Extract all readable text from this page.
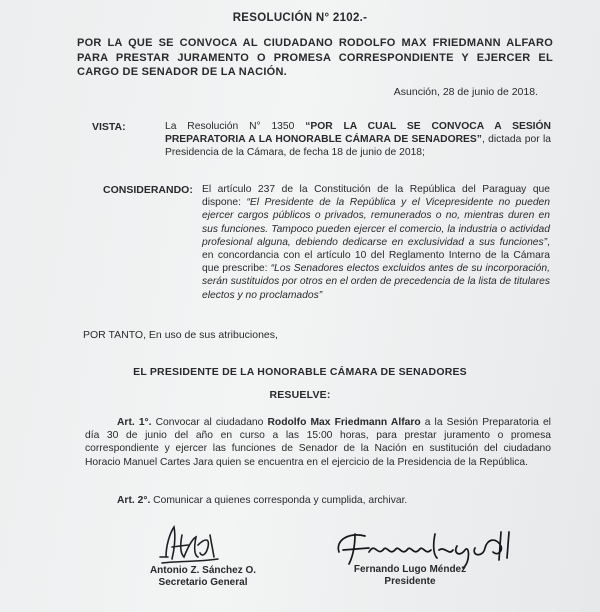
RESOLUCIÓN N° 2102.-
POR LA QUE SE CONVOCA AL CIUDADANO RODOLFO MAX FRIEDMANN ALFARO PARA PRESTAR JURAMENTO O PROMESA CORRESPONDIENTE Y EJERCER EL CARGO DE SENADOR DE LA NACIÓN.
Asunción, 28 de junio de 2018.
VISTA:	La Resolución N° 1350 “POR LA CUAL SE CONVOCA A SESIÓN PREPARATORIA A LA HONORABLE CÁMARA DE SENADORES”, dictada por la Presidencia de la Cámara, de fecha 18 de junio de 2018;
CONSIDERANDO: El artículo 237 de la Constitución de la República del Paraguay que dispone: “El Presidente de la República y el Vicepresidente no pueden ejercer cargos públicos o privados, remunerados o no, mientras duren en sus funciones. Tampoco pueden ejercer el comercio, la industria o actividad profesional alguna, debiendo dedicarse en exclusividad a sus funciones”, en concordancia con el artículo 10 del Reglamento Interno de la Cámara que prescribe: “Los Senadores electos excluidos antes de su incorporación, serán sustituidos por otros en el orden de precedencia de la lista de titulares electos y no proclamados”
POR TANTO, En uso de sus atribuciones,
EL PRESIDENTE DE LA HONORABLE CÁMARA DE SENADORES
RESUELVE:
Art. 1°. Convocar al ciudadano Rodolfo Max Friedmann Alfaro a la Sesión Preparatoria el día 30 de junio del año en curso a las 15:00 horas, para prestar juramento o promesa correspondiente y ejercer las funciones de Senador de la Nación en sustitución del ciudadano Horacio Manuel Cartes Jara quien se encuentra en el ejercicio de la Presidencia de la República.
Art. 2°. Comunicar a quienes corresponda y cumplida, archivar.
Antonio Z. Sánchez O.
Secretario General
Fernando Lugo Méndez
Presidente
